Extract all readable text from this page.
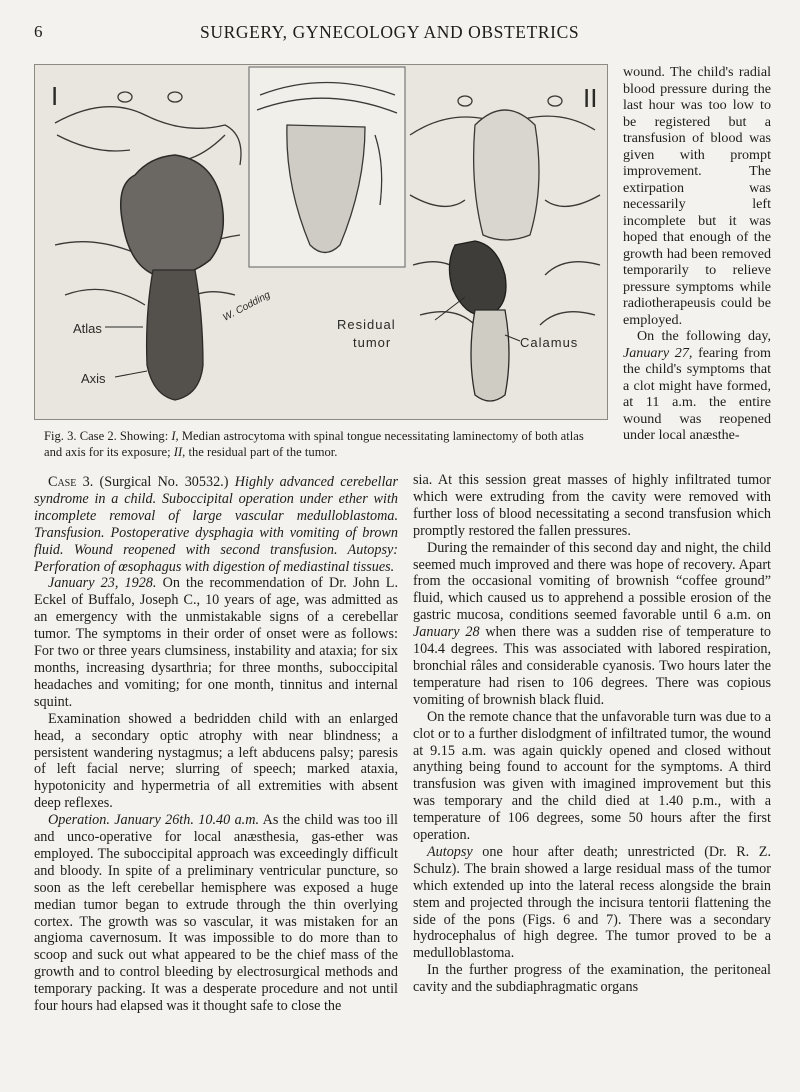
6	SURGERY, GYNECOLOGY AND OBSTETRICS
I	II
Atlas
Axis
Residual
tumor	Calamus
W. Codding
Fig. 3. Case 2. Showing: I, Median astrocytoma with spinal tongue necessitating laminectomy of both atlas and axis for its exposure; II, the residual part of the tumor.

wound. The child's radial blood pressure during the last hour was too low to be registered but a transfusion of blood was given with prompt improvement. The extirpation was necessarily left incomplete but it was hoped that enough of the growth had been removed temporarily to relieve pressure symptoms while radiotherapeusis could be employed.

On the following day, January 27, fearing from the child's symptoms that a clot might have formed, at 11 a.m. the entire wound was reopened under local anæsthe-

Case 3. (Surgical No. 30532.) Highly advanced cerebellar syndrome in a child. Suboccipital operation under ether with incomplete removal of large vascular medulloblastoma. Transfusion. Postoperative dysphagia with vomiting of brown fluid. Wound reopened with second transfusion. Autopsy: Perforation of œsophagus with digestion of mediastinal tissues.

January 23, 1928. On the recommendation of Dr. John L. Eckel of Buffalo, Joseph C., 10 years of age, was admitted as an emergency with the unmistakable signs of a cerebellar tumor. The symptoms in their order of onset were as follows: For two or three years clumsiness, instability and ataxia; for six months, increasing dysarthria; for three months, suboccipital headaches and vomiting; for one month, tinnitus and internal squint.

Examination showed a bedridden child with an enlarged head, a secondary optic atrophy with near blindness; a persistent wandering nystagmus; a left abducens palsy; paresis of left facial nerve; slurring of speech; marked ataxia, hypotonicity and hypermetria of all extremities with absent deep reflexes.

Operation. January 26th. 10.40 a.m. As the child was too ill and unco-operative for local anæsthesia, gas-ether was employed. The suboccipital approach was exceedingly difficult and bloody. In spite of a preliminary ventricular puncture, so soon as the left cerebellar hemisphere was exposed a huge median tumor began to extrude through the thin overlying cortex. The growth was so vascular, it was mistaken for an angioma cavernosum. It was impossible to do more than to scoop and suck out what appeared to be the chief mass of the growth and to control bleeding by electrosurgical methods and temporary packing. It was a desperate procedure and not until four hours had elapsed was it thought safe to close the

sia. At this session great masses of highly infiltrated tumor which were extruding from the cavity were removed with further loss of blood necessitating a second transfusion which promptly restored the fallen pressures.

During the remainder of this second day and night, the child seemed much improved and there was hope of recovery. Apart from the occasional vomiting of brownish “coffee ground” fluid, which caused us to apprehend a possible erosion of the gastric mucosa, conditions seemed favorable until 6 a.m. on January 28 when there was a sudden rise of temperature to 104.4 degrees. This was associated with labored respiration, bronchial râles and considerable cyanosis. Two hours later the temperature had risen to 106 degrees. There was copious vomiting of brownish black fluid.

On the remote chance that the unfavorable turn was due to a clot or to a further dislodgment of infiltrated tumor, the wound at 9.15 a.m. was again quickly opened and closed without anything being found to account for the symptoms. A third transfusion was given with imagined improvement but this was temporary and the child died at 1.40 p.m., with a temperature of 106 degrees, some 50 hours after the first operation.

Autopsy one hour after death; unrestricted (Dr. R. Z. Schulz). The brain showed a large residual mass of the tumor which extended up into the lateral recess alongside the brain stem and projected through the incisura tentorii flattening the side of the pons (Figs. 6 and 7). There was a secondary hydrocephalus of high degree. The tumor proved to be a medulloblastoma.

In the further progress of the examination, the peritoneal cavity and the subdiaphragmatic organs
